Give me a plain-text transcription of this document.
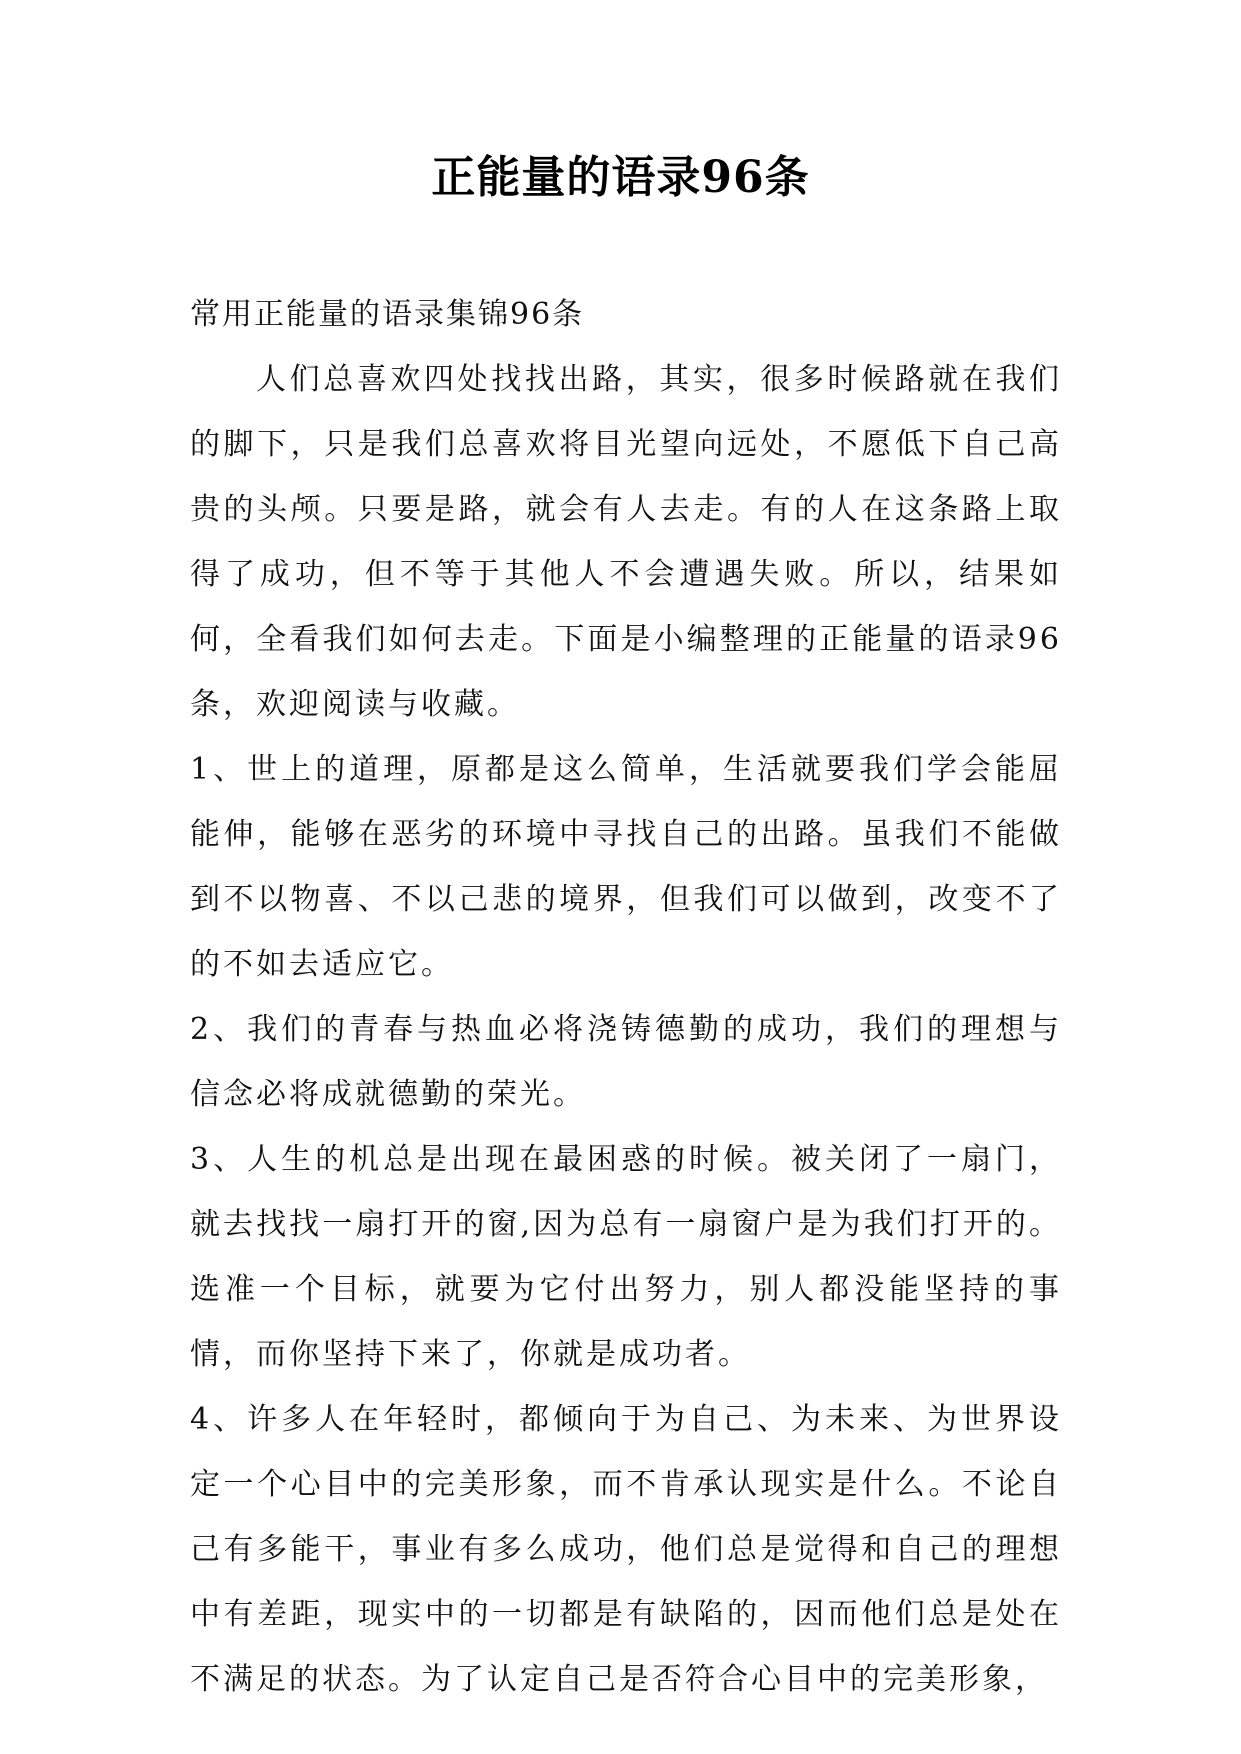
正能量的语录96条

常用正能量的语录集锦96条

人们总喜欢四处找找出路，其实，很多时候路就在我们的脚下，只是我们总喜欢将目光望向远处，不愿低下自己高贵的头颅。只要是路，就会有人去走。有的人在这条路上取得了成功，但不等于其他人不会遭遇失败。所以，结果如何，全看我们如何去走。下面是小编整理的正能量的语录96条，欢迎阅读与收藏。

1、世上的道理，原都是这么简单，生活就要我们学会能屈能伸，能够在恶劣的环境中寻找自己的出路。虽我们不能做到不以物喜、不以己悲的境界，但我们可以做到，改变不了的不如去适应它。

2、我们的青春与热血必将浇铸德勤的成功，我们的理想与信念必将成就德勤的荣光。

3、人生的机总是出现在最困惑的时候。被关闭了一扇门，就去找找一扇打开的窗,因为总有一扇窗户是为我们打开的。选准一个目标，就要为它付出努力，别人都没能坚持的事情，而你坚持下来了，你就是成功者。

4、许多人在年轻时，都倾向于为自己、为未来、为世界设定一个心目中的完美形象，而不肯承认现实是什么。不论自己有多能干，事业有多么成功，他们总是觉得和自己的理想中有差距，现实中的一切都是有缺陷的，因而他们总是处在不满足的状态。为了认定自己是否符合心目中的完美形象，
